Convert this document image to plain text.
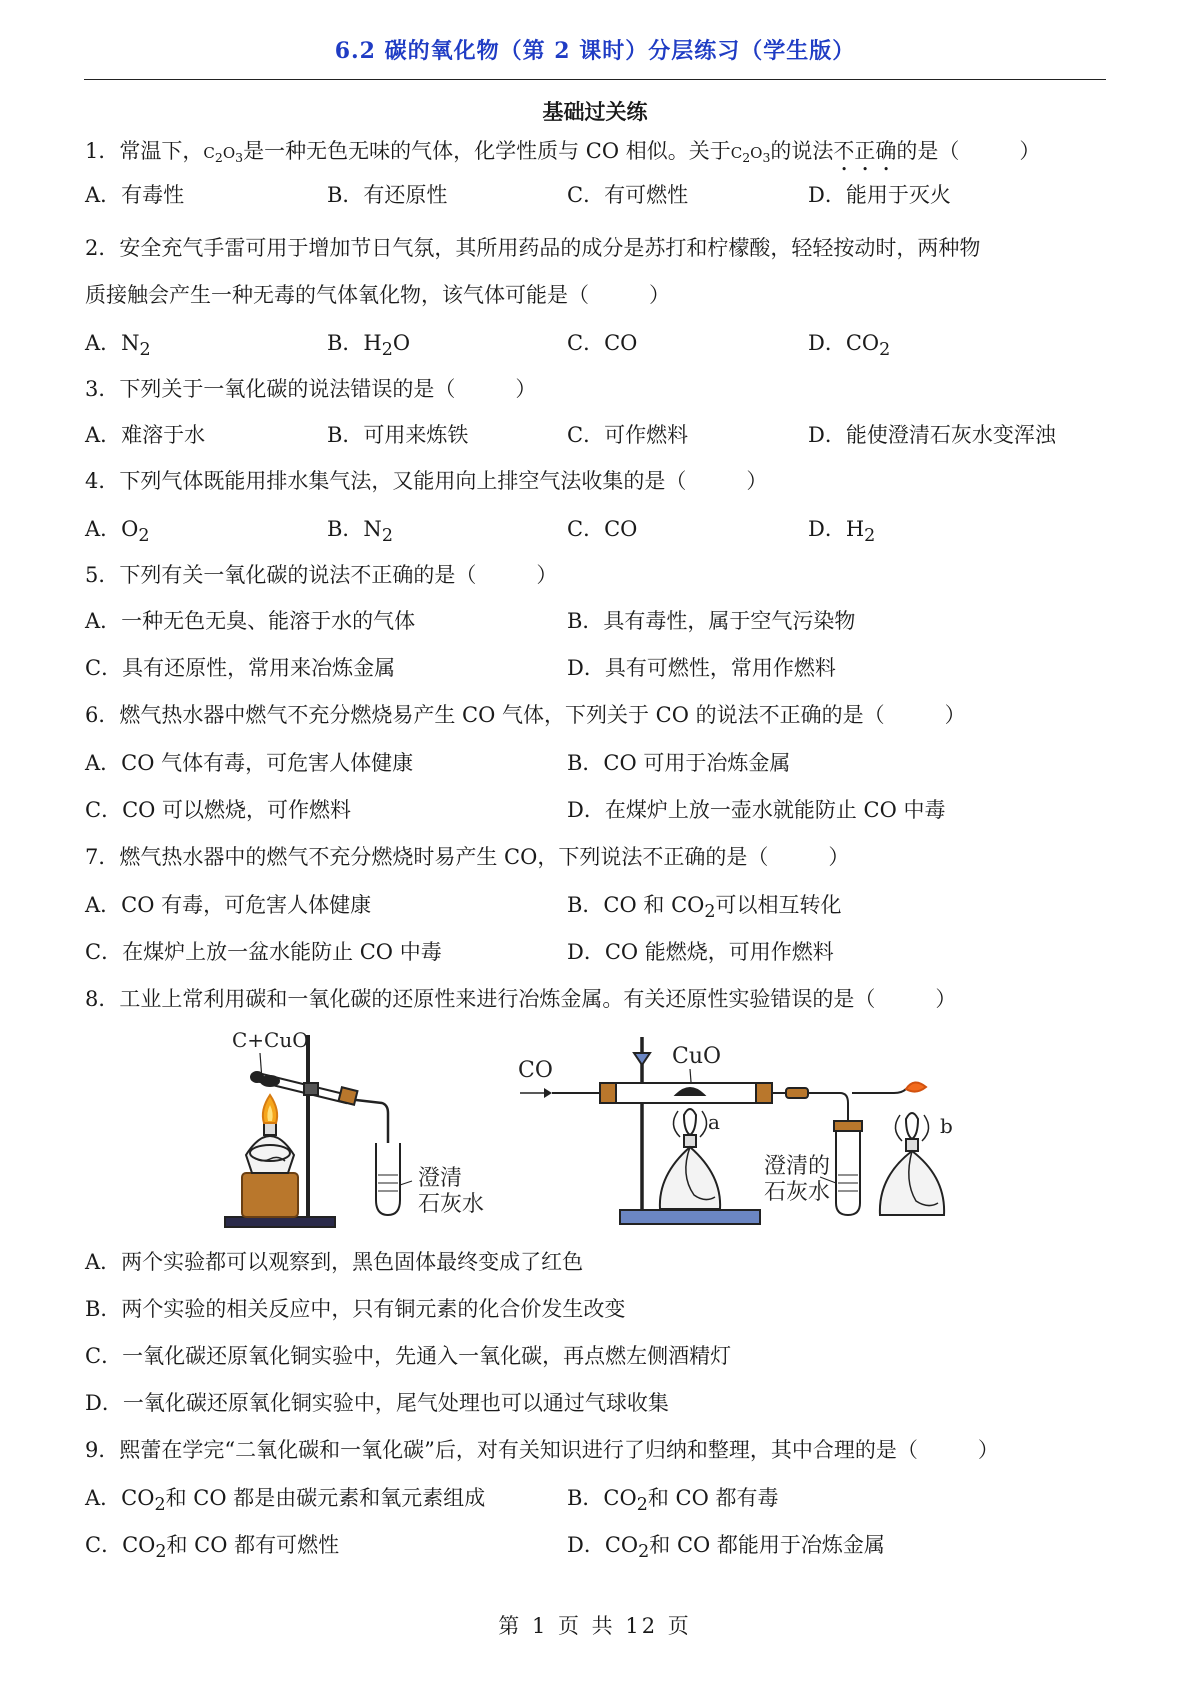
6.2 碳的氧化物（第 2 课时）分层练习（学生版）
基础过关练
1．常温下，$C_2O_3$是一种无色无味的气体，化学性质与 CO 相似。关于$C_2O_3$的说法不正确的是（	）
A．有毒性	B．有还原性	C．有可燃性	D．能用于灭火
2．安全充气手雷可用于增加节日气氛，其所用药品的成分是苏打和柠檬酸，轻轻按动时，两种物
质接触会产生一种无毒的气体氧化物，该气体可能是（	）
A．$N_2$	B．$H_2O$	C．CO	D．$CO_2$
3．下列关于一氧化碳的说法错误的是（	）
A．难溶于水	B．可用来炼铁	C．可作燃料	D．能使澄清石灰水变浑浊
4．下列气体既能用排水集气法，又能用向上排空气法收集的是（	）
A．$O_2$	B．$N_2$	C．CO	D．$H_2$
5．下列有关一氧化碳的说法不正确的是（	）
A．一种无色无臭、能溶于水的气体	B．具有毒性，属于空气污染物
C．具有还原性，常用来冶炼金属	D．具有可燃性，常用作燃料
6．燃气热水器中燃气不充分燃烧易产生 CO 气体，下列关于 CO 的说法不正确的是（	）
A．CO 气体有毒，可危害人体健康	B．CO 可用于冶炼金属
C．CO 可以燃烧，可作燃料	D．在煤炉上放一壶水就能防止 CO 中毒
7．燃气热水器中的燃气不充分燃烧时易产生 CO，下列说法不正确的是（	）
A．CO 有毒，可危害人体健康	B．CO 和 $CO_2$可以相互转化
C．在煤炉上放一盆水能防止 CO 中毒	D．CO 能燃烧，可用作燃料
8．工业上常利用碳和一氧化碳的还原性来进行冶炼金属。有关还原性实验错误的是（	）
C+CuO
澄清
石灰水
CO
CuO
a
澄清的
石灰水
b
A．两个实验都可以观察到，黑色固体最终变成了红色
B．两个实验的相关反应中，只有铜元素的化合价发生改变
C．一氧化碳还原氧化铜实验中，先通入一氧化碳，再点燃左侧酒精灯
D．一氧化碳还原氧化铜实验中，尾气处理也可以通过气球收集
9．熙蕾在学完“二氧化碳和一氧化碳”后，对有关知识进行了归纳和整理，其中合理的是（	）
A．$CO_2$和 CO 都是由碳元素和氧元素组成	B．$CO_2$和 CO 都有毒
C．$CO_2$和 CO 都有可燃性	D．$CO_2$和 CO 都能用于冶炼金属
第 1 页 共 12 页
